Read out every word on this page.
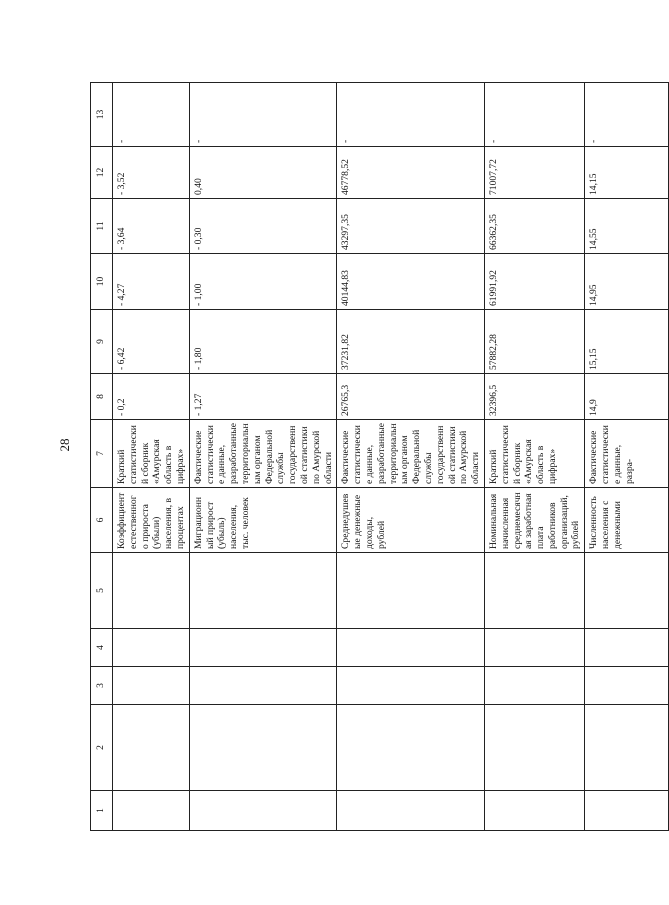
28
1	2	3	4	5	6	7	8	9	10	11	12	13
					Коэффициент естественного прироста (убыли) населения, в процентах	Краткий статистический сборник «Амурская область в цифрах»	- 0,2	- 6,42	- 4,27	- 3,64	- 3,52	-
					Миграционный прирост (убыль) населения, тыс. человек	Фактические статистические данные, разработанные территориальным органом Федеральной службы государственной статистики по Амурской области	- 1,27	- 1,80	- 1,00	- 0,30	0,40	-
					Среднедушевые денежные доходы, рублей	Фактические статистические данные, разработанные территориальным органом Федеральной службы государственной статистики по Амурской области	26765,3	37231,82	40144,83	43297,35	46778,52	-
					Номинальная начисленная среднемесячная заработная плата работников организаций, рублей	Краткий статистический сборник «Амурская область в цифрах»	32396,5	57882,28	61991,92	66362,35	71007,72	-
					Численность населения с денежными	Фактические статистические данные, разра-	14,9	15,15	14,95	14,55	14,15	-
